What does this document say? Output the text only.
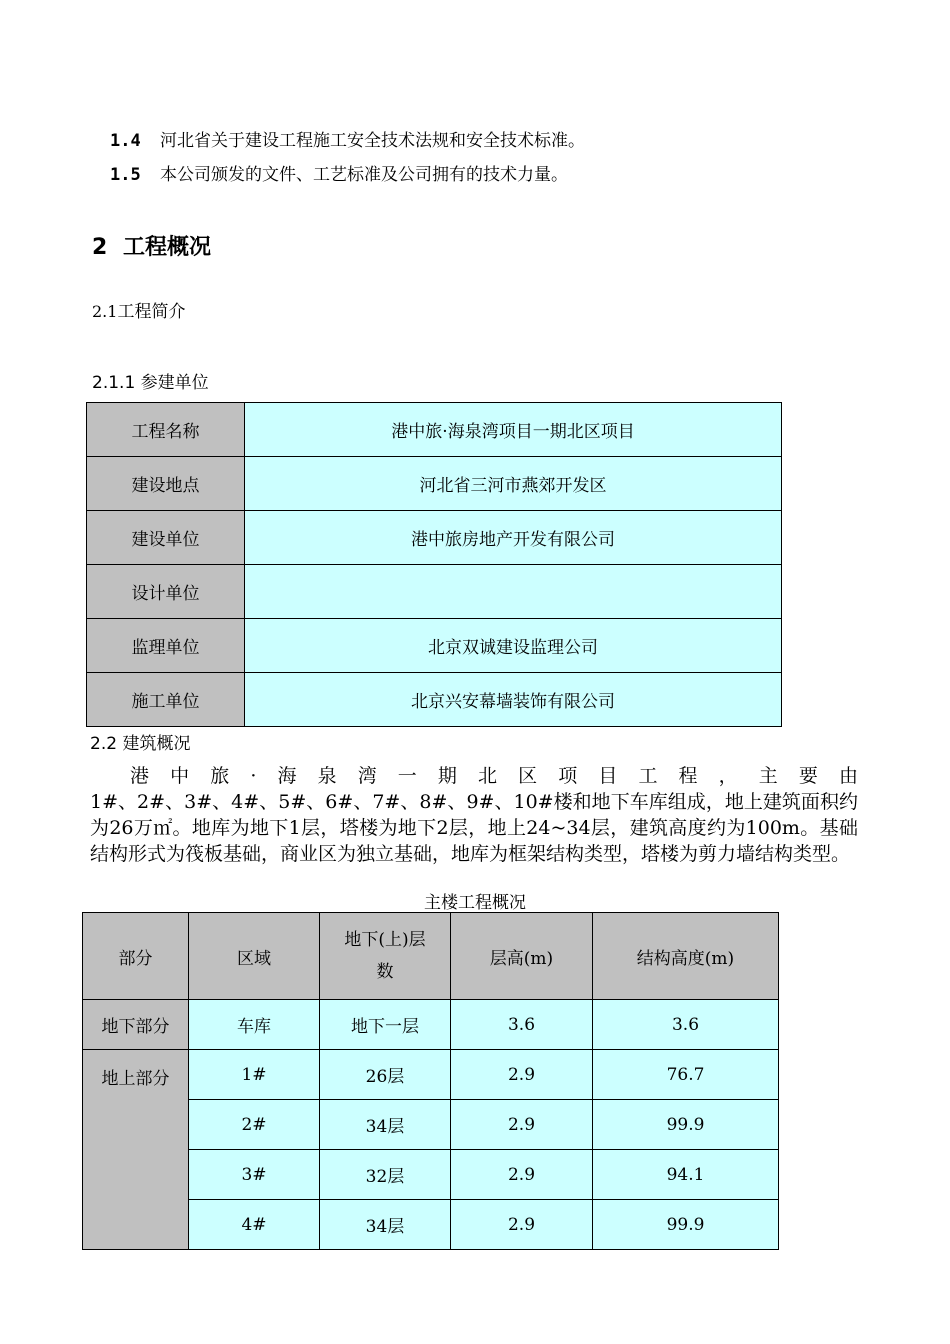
1.4 河北省关于建设工程施工安全技术法规和安全技术标准。
1.5 本公司颁发的文件、工艺标准及公司拥有的技术力量。
2 工程概况
2.1工程简介
2.1.1 参建单位
工程名称	港中旅·海泉湾项目一期北区项目
建设地点	河北省三河市燕郊开发区
建设单位	港中旅房地产开发有限公司
设计单位	
监理单位	北京双诚建设监理公司
施工单位	北京兴安幕墙装饰有限公司
2.2 建筑概况
港中旅·海泉湾一期北区项目工程，主要由
1#、2#、3#、4#、5#、6#、7#、8#、9#、10#楼和地下车库组成，地上建筑面积约为26万㎡。地库为地下1层，塔楼为地下2层，地上24~34层，建筑高度约为100m。基础结构形式为筏板基础，商业区为独立基础，地库为框架结构类型，塔楼为剪力墙结构类型。
主楼工程概况
部分	区域	地下(上)层数	层高(m)	结构高度(m)
地下部分	车库	地下一层	3.6	3.6
地上部分	1#	26层	2.9	76.7
	2#	34层	2.9	99.9
	3#	32层	2.9	94.1
	4#	34层	2.9	99.9
